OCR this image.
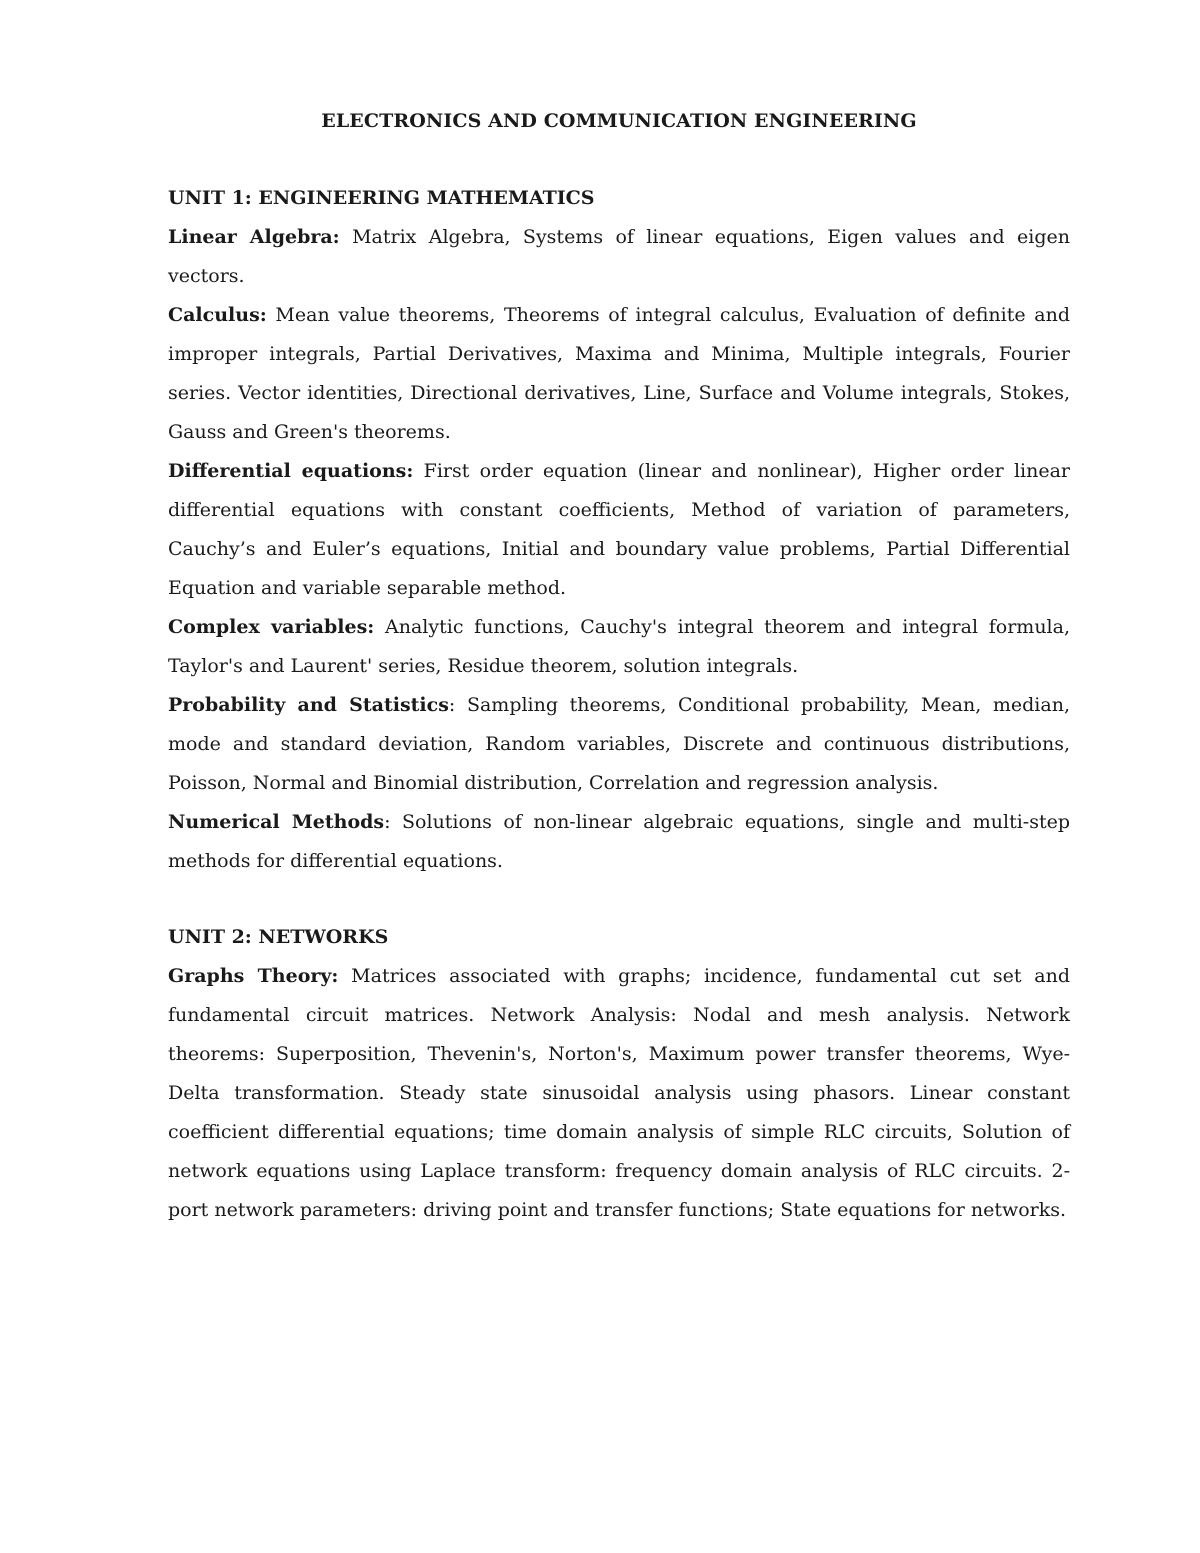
ELECTRONICS AND COMMUNICATION ENGINEERING
UNIT 1: ENGINEERING MATHEMATICS

Linear Algebra: Matrix Algebra, Systems of linear equations, Eigen values and eigen vectors.

Calculus: Mean value theorems, Theorems of integral calculus, Evaluation of definite and improper integrals, Partial Derivatives, Maxima and Minima, Multiple integrals, Fourier series. Vector identities, Directional derivatives, Line, Surface and Volume integrals, Stokes, Gauss and Green's theorems.

Differential equations: First order equation (linear and nonlinear), Higher order linear differential equations with constant coefficients, Method of variation of parameters, Cauchy’s and Euler’s equations, Initial and boundary value problems, Partial Differential Equation and variable separable method.

Complex variables: Analytic functions, Cauchy's integral theorem and integral formula, Taylor's and Laurent' series, Residue theorem, solution integrals.

Probability and Statistics: Sampling theorems, Conditional probability, Mean, median, mode and standard deviation, Random variables, Discrete and continuous distributions, Poisson, Normal and Binomial distribution, Correlation and regression analysis.

Numerical Methods: Solutions of non-linear algebraic equations, single and multi-step methods for differential equations.

UNIT 2: NETWORKS

Graphs Theory: Matrices associated with graphs; incidence, fundamental cut set and fundamental circuit matrices. Network Analysis: Nodal and mesh analysis. Network theorems: Superposition, Thevenin's, Norton's, Maximum power transfer theorems, Wye-Delta transformation. Steady state sinusoidal analysis using phasors. Linear constant coefficient differential equations; time domain analysis of simple RLC circuits, Solution of network equations using Laplace transform: frequency domain analysis of RLC circuits. 2-port network parameters: driving point and transfer functions; State equations for networks.
